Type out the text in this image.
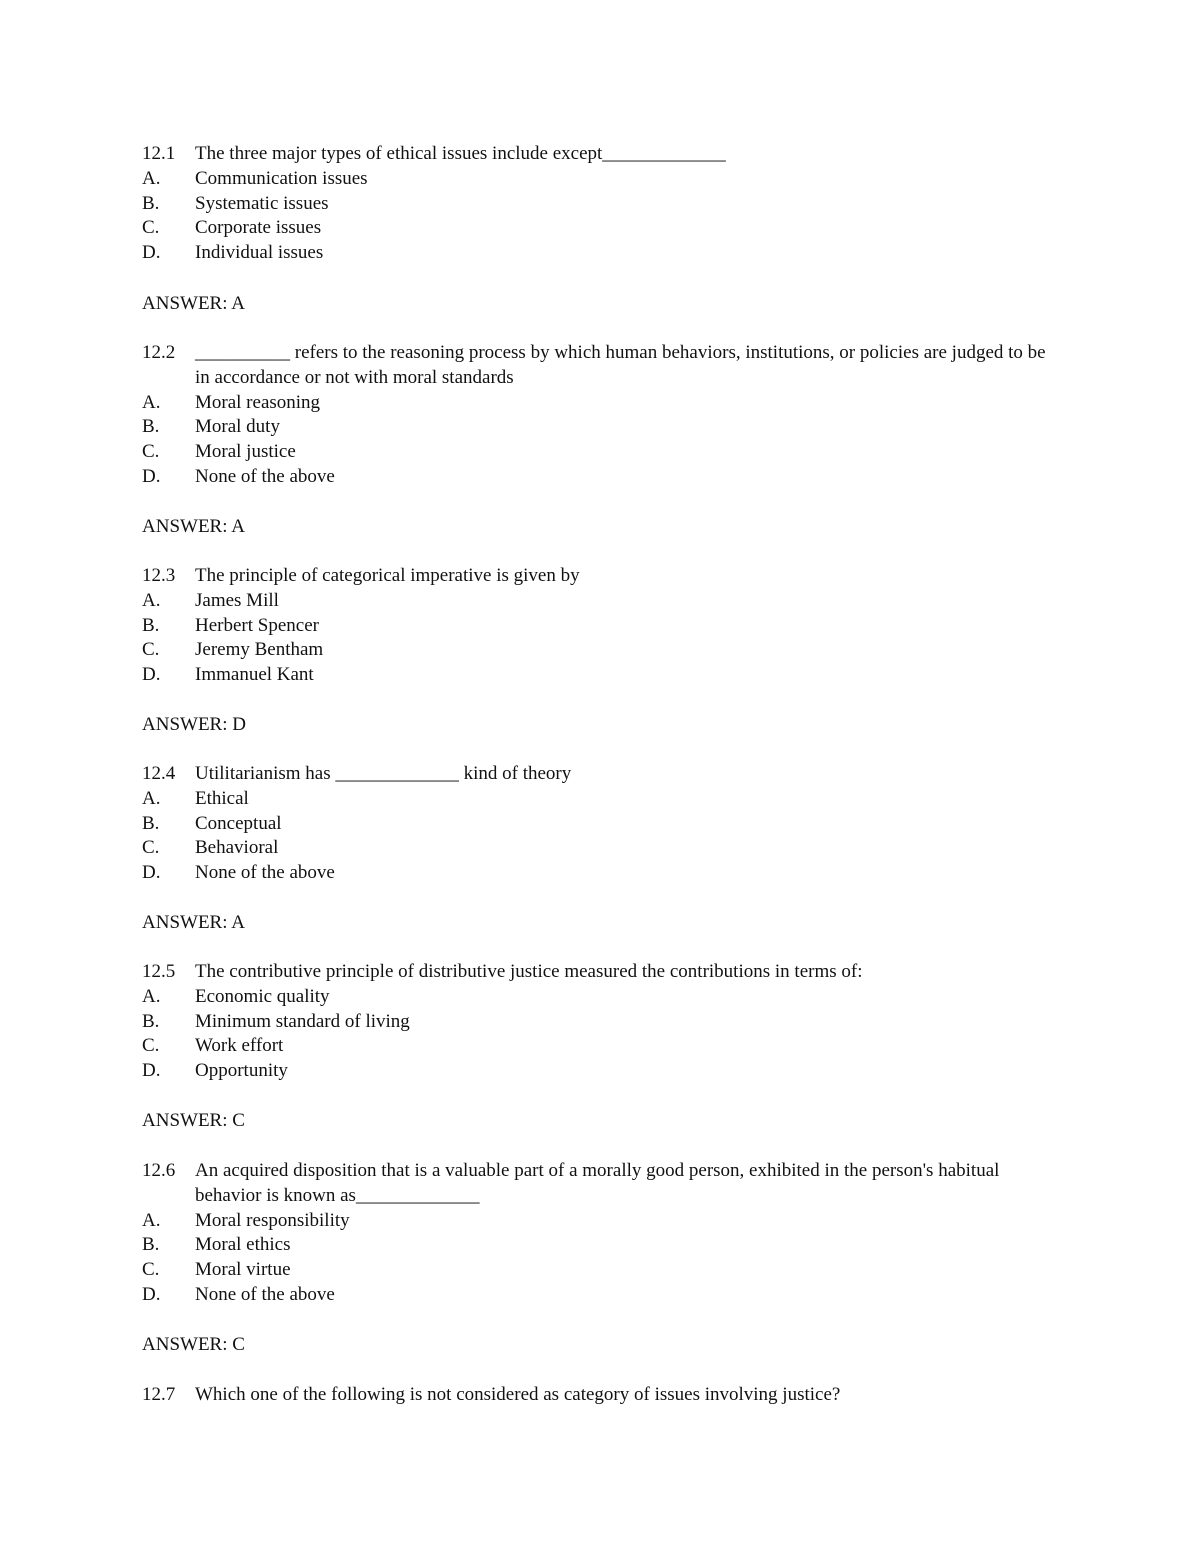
12.1	The three major types of ethical issues include except_____________
A.	Communication issues
B.	Systematic issues
C.	Corporate issues
D.	Individual issues
ANSWER: A
12.2	__________ refers to the reasoning process by which human behaviors, institutions, or policies are judged to be in accordance or not with moral standards
A.	Moral reasoning
B.	Moral duty
C.	Moral justice
D.	None of the above
ANSWER: A
12.3	The principle of categorical imperative is given by
A.	James Mill
B.	Herbert Spencer
C.	Jeremy Bentham
D.	Immanuel Kant
ANSWER: D
12.4	Utilitarianism has _____________ kind of theory
A.	Ethical
B.	Conceptual
C.	Behavioral
D.	None of the above
ANSWER: A
12.5	The contributive principle of distributive justice measured the contributions in terms of:
A.	Economic quality
B.	Minimum standard of living
C.	Work effort
D.	Opportunity
ANSWER: C
12.6	An acquired disposition that is a valuable part of a morally good person, exhibited in the person's habitual behavior is known as_____________
A.	Moral responsibility
B.	Moral ethics
C.	Moral virtue
D.	None of the above
ANSWER: C
12.7	Which one of the following is not considered as category of issues involving justice?
